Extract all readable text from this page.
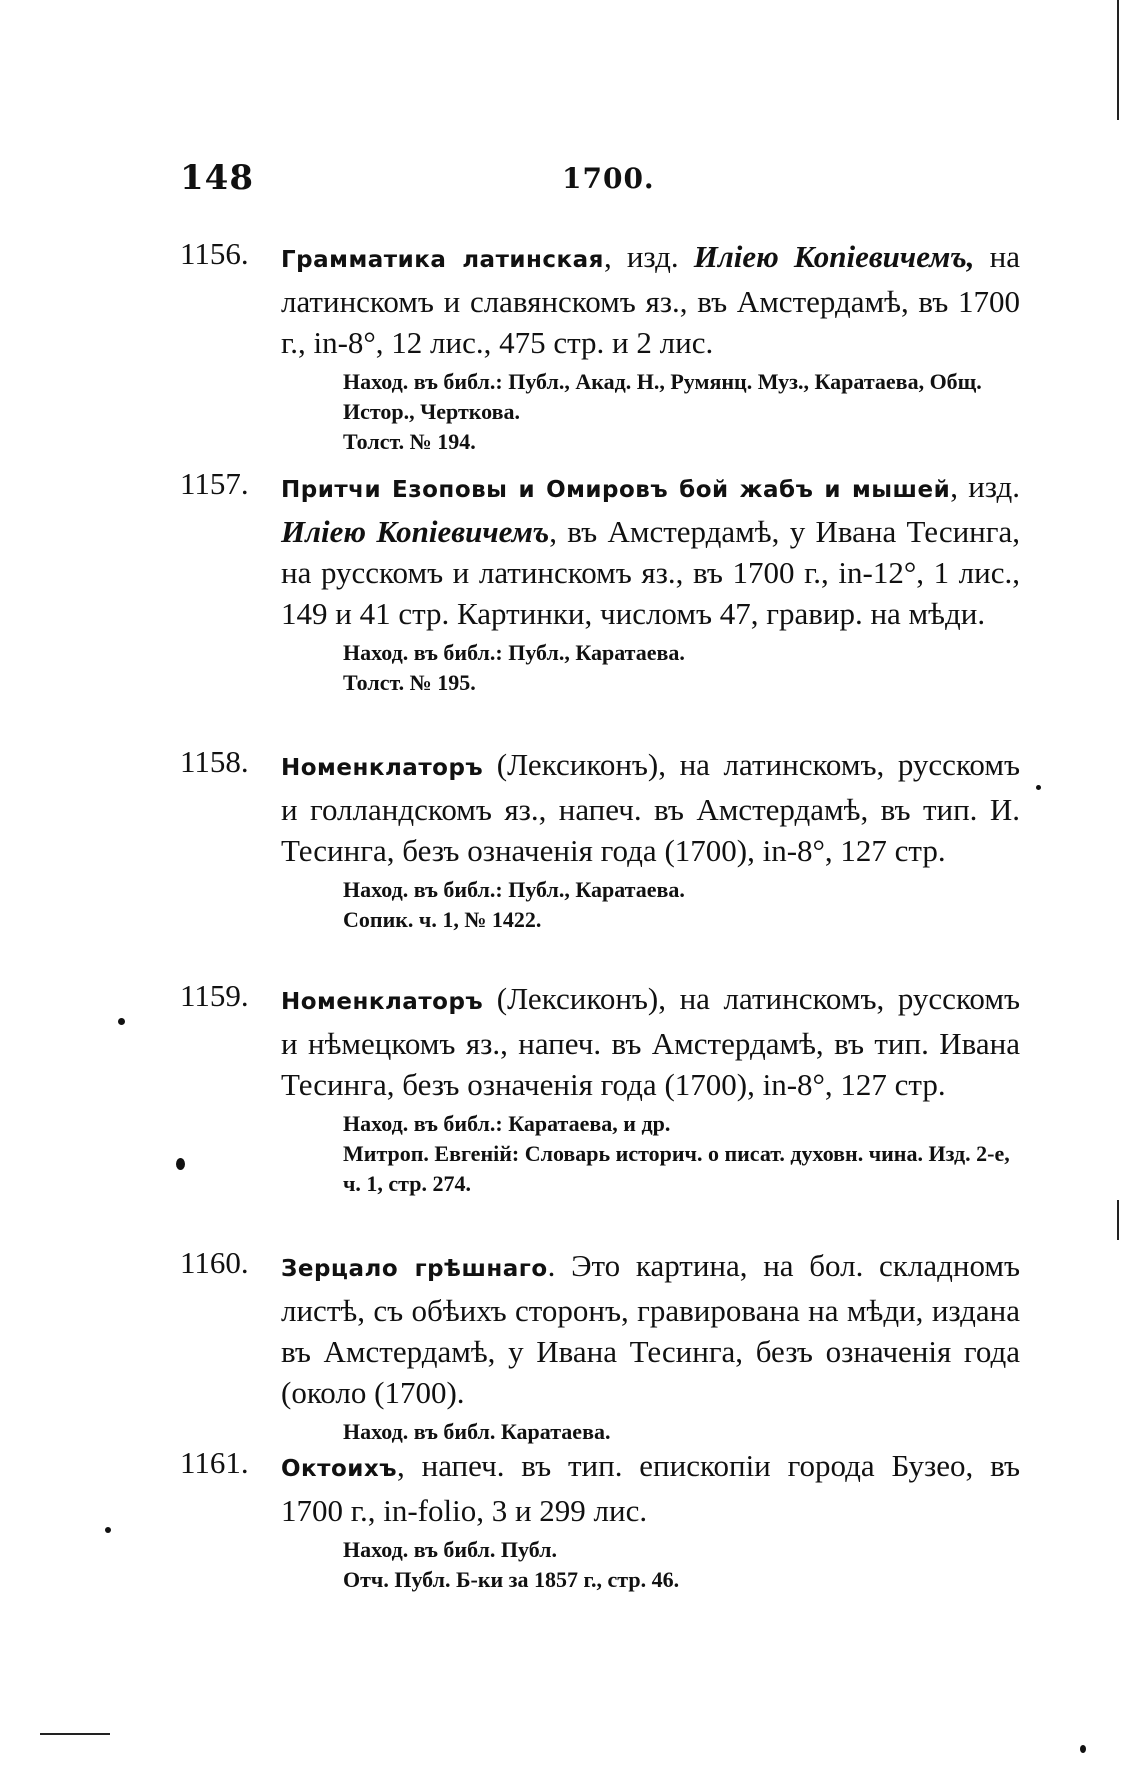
148	1700.
1156. Грамматика латинская, изд. Иліею Копіевичемъ, на латинскомъ и славянскомъ яз., въ Амстердамѣ, въ 1700 г., in-8°, 12 лис., 475 стр. и 2 лис.
Наход. въ библ.: Публ., Акад. Н., Румянц. Муз., Каратаева, Общ. Истор., Черткова.
Толст. № 194.
1157. Притчи Езоповы и Омировъ бой жабъ и мышей, изд. Иліею Копіевичемъ, въ Амстердамѣ, у Ивана Тесинга, на русскомъ и латинскомъ яз., въ 1700 г., in-12°, 1 лис., 149 и 41 стр. Картинки, числомъ 47, гравир. на мѣди.
Наход. въ библ.: Публ., Каратаева.
Толст. № 195.
1158. Номенклаторъ (Лексиконъ), на латинскомъ, русскомъ и голландскомъ яз., напеч. въ Амстердамѣ, въ тип. И. Тесинга, безъ означенія года (1700), in-8°, 127 стр.
Наход. въ библ.: Публ., Каратаева.
Сопик. ч. 1, № 1422.
1159. Номенклаторъ (Лексиконъ), на латинскомъ, русскомъ и нѣмецкомъ яз., напеч. въ Амстердамѣ, въ тип. Ивана Тесинга, безъ означенія года (1700), in-8°, 127 стр.
Наход. въ библ.: Каратаева, и др.
Митроп. Евгеній: Словарь историч. о писат. духовн. чина. Изд. 2-е, ч. 1, стр. 274.
1160. Зерцало грѣшнаго. Это картина, на бол. складномъ листѣ, съ обѣихъ сторонъ, гравирована на мѣди, издана въ Амстердамѣ, у Ивана Тесинга, безъ означенія года (около (1700).
Наход. въ библ. Каратаева.
1161. Октоихъ, напеч. въ тип. епископіи города Бузео, въ 1700 г., in-folio, 3 и 299 лис.
Наход. въ библ. Публ.
Отч. Публ. Б-ки за 1857 г., стр. 46.
